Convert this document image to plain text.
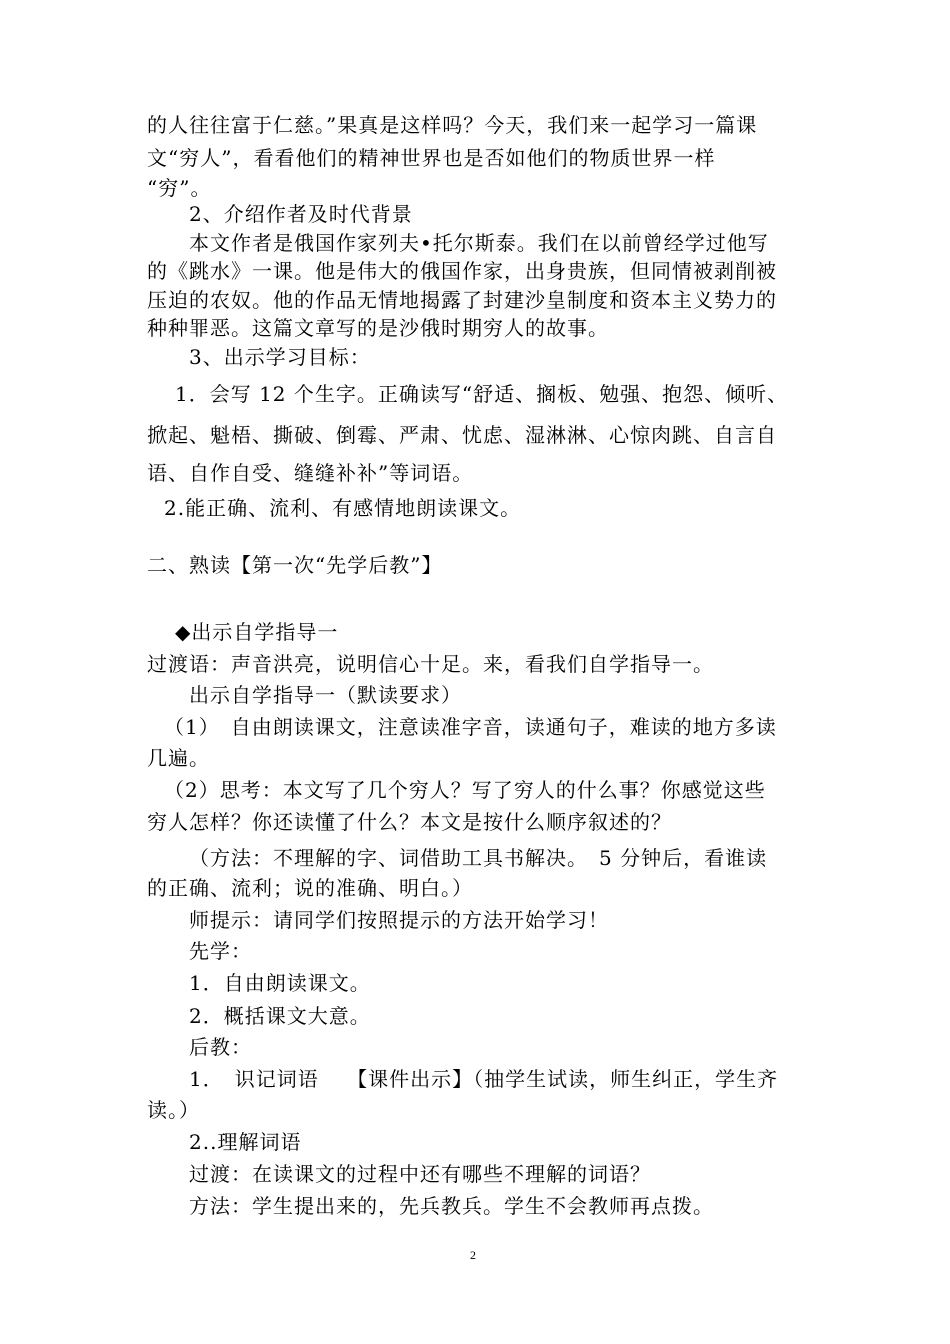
的人往往富于仁慈。”果真是这样吗？今天，我们来一起学习一篇课
文“穷人”，看看他们的精神世界也是否如他们的物质世界一样
“穷”。
2、介绍作者及时代背景
本文作者是俄国作家列夫•托尔斯泰。我们在以前曾经学过他写
的《跳水》一课。他是伟大的俄国作家，出身贵族，但同情被剥削被
压迫的农奴。他的作品无情地揭露了封建沙皇制度和资本主义势力的
种种罪恶。这篇文章写的是沙俄时期穷人的故事。
3、出示学习目标：
1．会写 12 个生字。正确读写“舒适、搁板、勉强、抱怨、倾听、
掀起、魁梧、撕破、倒霉、严肃、忧虑、湿淋淋、心惊肉跳、自言自
语、自作自受、缝缝补补”等词语。
2.能正确、流利、有感情地朗读课文。
二、熟读【第一次“先学后教”】
◆出示自学指导一
过渡语：声音洪亮，说明信心十足。来，看我们自学指导一。
出示自学指导一（默读要求）
（1）　自由朗读课文，注意读准字音，读通句子，难读的地方多读
几遍。
（2）思考：本文写了几个穷人？写了穷人的什么事？你感觉这些
穷人怎样？你还读懂了什么？本文是按什么顺序叙述的？
（方法：不理解的字、词借助工具书解决。　5 分钟后，看谁读
的正确、流利；说的准确、明白。）
师提示：请同学们按照提示的方法开始学习！
先学：
1．自由朗读课文。
2．概括课文大意。
后教：
1．　识记词语　 【课件出示】（抽学生试读，师生纠正，学生齐
读。）
2..理解词语
过渡：在读课文的过程中还有哪些不理解的词语？
方法：学生提出来的，先兵教兵。学生不会教师再点拨。
2
